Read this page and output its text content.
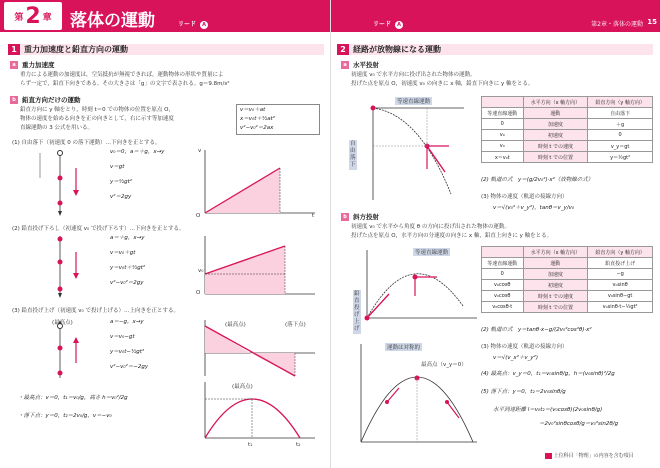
第 2 章 落体の運動	リード A
1 重力加速度と鉛直方向の運動
a 重力加速度
重力による運動の加速度は，空気抵抗が無視できれば，運動物体の形状や質量によ
らず一定で，鉛直下向きである。その大きさは「g」の文字で表される。g＝9.8m/s²
b 鉛直方向だけの運動
鉛直方向に y 軸をとり，時刻 t＝0 での物体の位置を原点 O，
物体の速度を始める向きを正の向きとして，右に示す等加速度
直線運動の 3 公式を用いる。
v＝v₀＋at
x＝v₀t＋½at²
v²−v₀²＝2ax
(1) 自由落下（初速度 0 の落下運動）…下向きを正とする。
v₀＝0，a＝＋g，x→y
v＝gt
y＝½gt²
v²＝2gy
O	t
v
(2) 鉛直投げ下ろし（初速度 v₀ で投げ下ろす）…下向きを正とする。
a＝＋g，x→y
v＝v₀＋gt
y＝v₀t＋½gt²
v²−v₀²＝2gy
O
v₀
(3) 鉛直投げ上げ（初速度 v₀ で投げ上げる）…上向きを正とする。
a＝−g，x→y
v＝v₀−gt
y＝v₀t−½gt²
v²−v₀²＝−2gy
(最高点)	(最高点)	(落下点)
(最高点)
t₁	t₂
・最高点：v＝0，t₁＝v₀/g，高さ h＝v₀²/2g
・落下点：y＝0，t₂＝2v₀/g，v＝−v₀
リード A	第2章・落体の運動 15
2 経路が放物線になる運動
a 水平投射
初速度 v₀ で水平方向に投げ出された物体の運動。
投げた点を原点 O，初速度 v₀ の向きに x 軸，鉛直下向きに y 軸をとる。
等速直線運動
自由落下
	水平方向（x 軸方向）	鉛直方向（y 軸方向）
等速直線運動	運動	自由落下
0	加速度	＋g
v₀	初速度	0
v₀	時刻 t での速度	v_y＝gt
x＝v₀t	時刻 t での位置	y＝½gt²
(2) 軌道の式　y＝(g/2v₀²)·x²（放物線の式）
(3) 物体の速度（軌道の接線方向）
v＝√(v₀²＋v_y²)，tanθ＝v_y/v₀
b 斜方投射
初速度 v₀ で水平から角度 θ の方向に投げ出された物体の運動。
投げた点を原点 O，水平方向の分速度の向きに x 軸，鉛直上向きに y 軸をとる。
等速直線運動
鉛直投げ上げ
運動は対称的
最高点（v_y＝0）
	水平方向（x 軸方向）	鉛直方向（y 軸方向）
等速直線運動	運動	鉛直投げ上げ
0	加速度	−g
v₀cosθ	初速度	v₀sinθ
v₀cosθ	時刻 t での速度	v₀sinθ−gt
v₀cosθ·t	時刻 t での位置	v₀sinθ·t−½gt²
(2) 軌道の式　y＝tanθ·x−g/(2v₀²cos²θ)·x²
(3) 物体の速度（軌道の接線方向）
v＝√(v_x²＋v_y²)
(4) 最高点：v_y＝0，t₁＝v₀sinθ/g，h＝(v₀sinθ)²/2g
(5) 落下点：y＝0，t₂＝2v₀sinθ/g
水平到達距離 l＝v₀t₂＝(v₀cosθ)(2v₀sinθ/g)
＝2v₀²sinθcosθ/g＝v₀²sin2θ/g
上位科目「物理」の内容を含む項目
